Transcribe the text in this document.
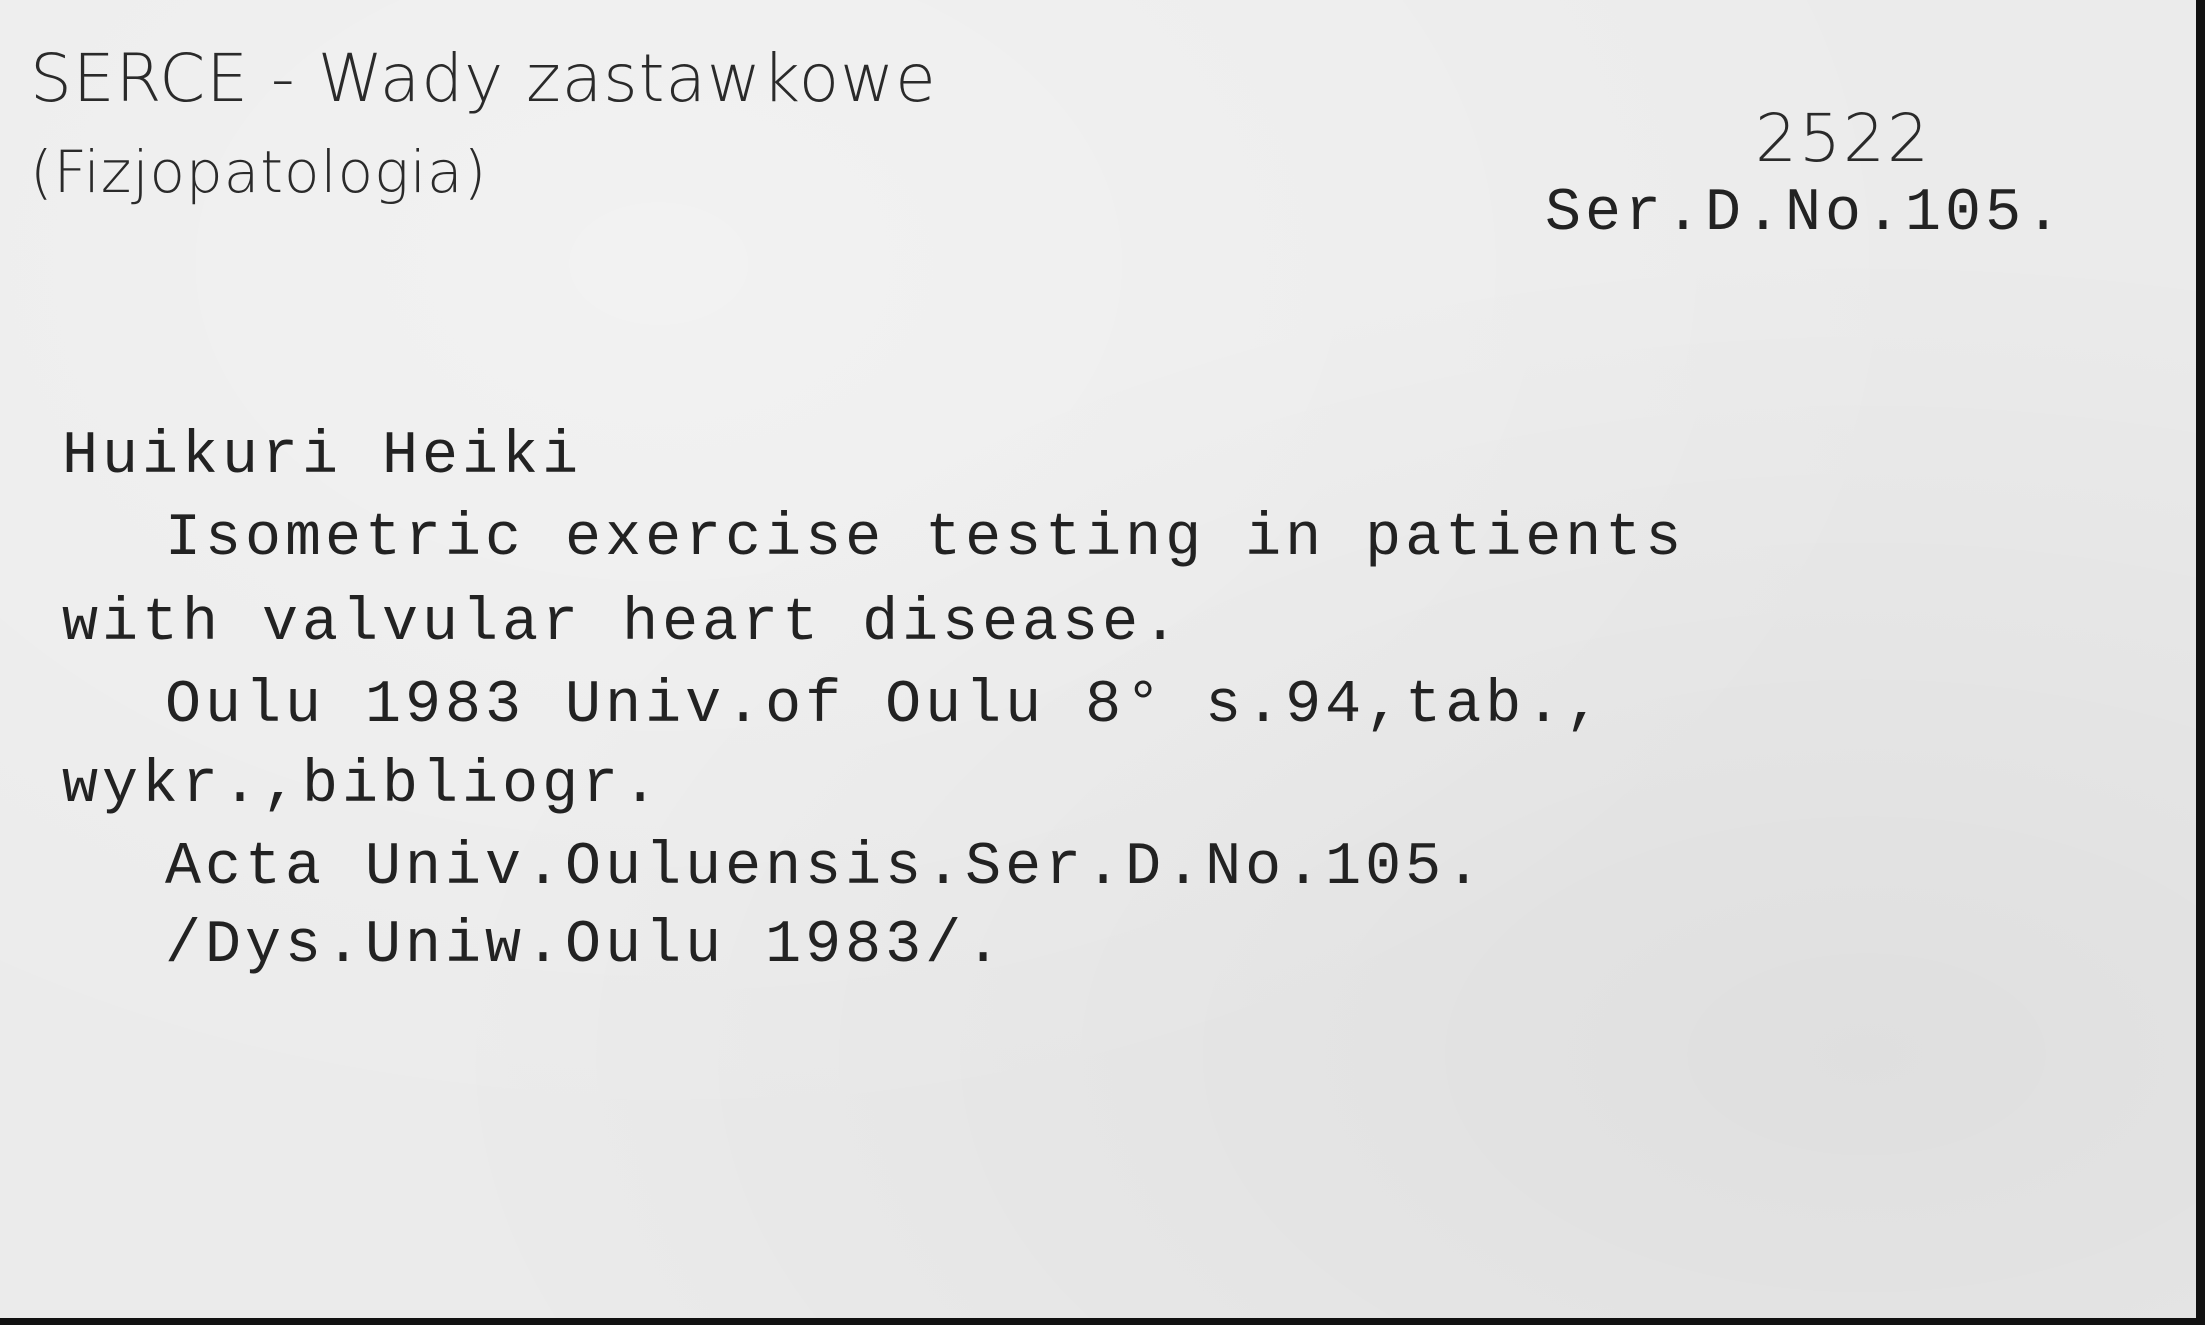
SERCE - Wady zastawkowe
(Fizjopatologia)	2522
Ser.D.No.105.
Huikuri Heiki
Isometric exercise testing in patients
with valvular heart disease.
Oulu 1983 Univ.of Oulu 8° s.94,tab.,
wykr.,bibliogr.
Acta Univ.Ouluensis.Ser.D.No.105.
/Dys.Uniw.Oulu 1983/.
